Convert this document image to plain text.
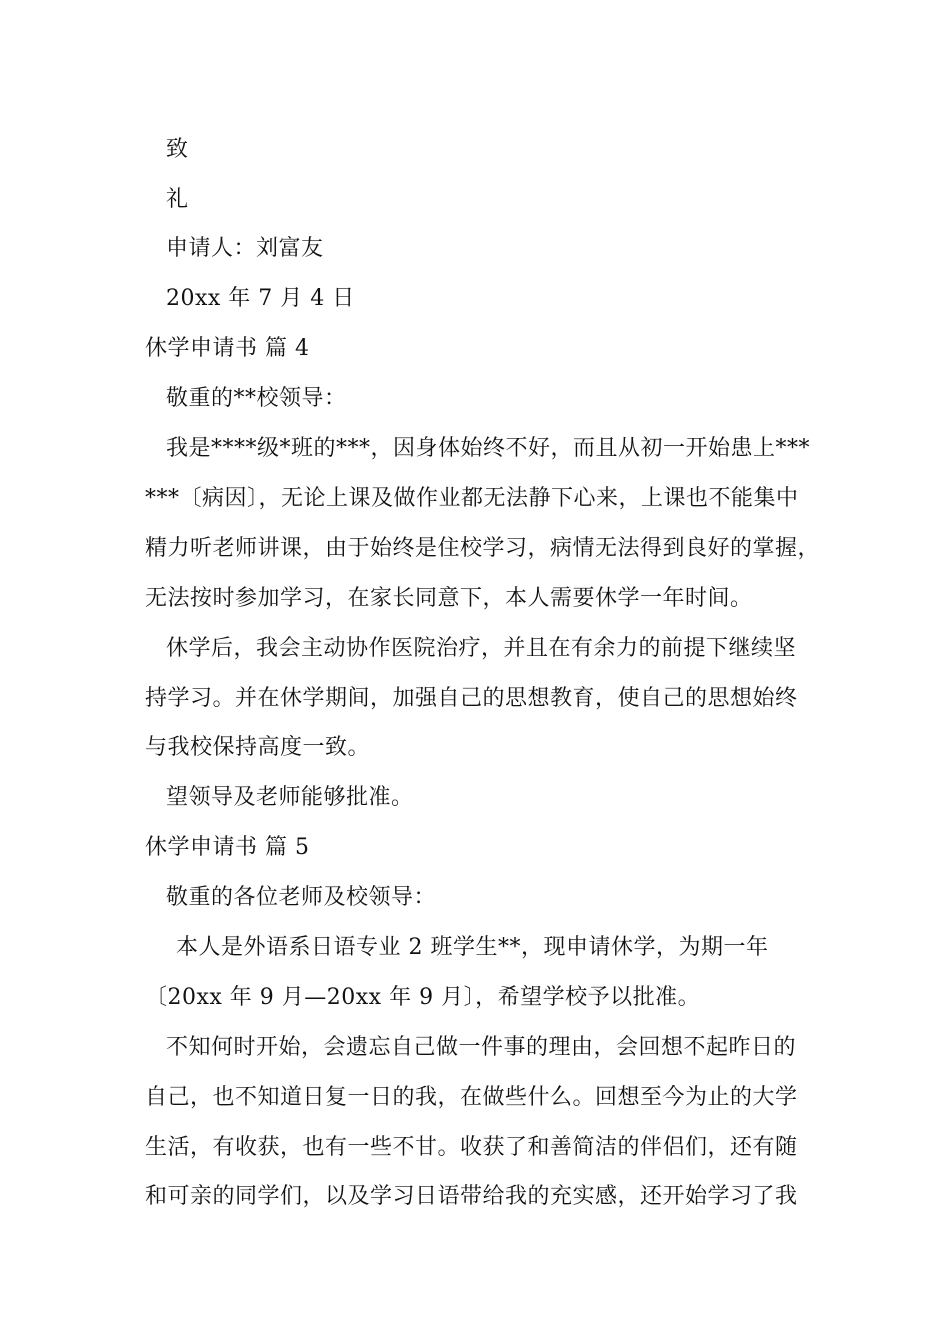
致
礼
申请人：刘富友
20xx 年 7 月 4 日
休学申请书 篇 4
敬重的**校领导：
我是****级*班的***，因身体始终不好，而且从初一开始患上***
***〔病因〕，无论上课及做作业都无法静下心来，上课也不能集中
精力听老师讲课，由于始终是住校学习，病情无法得到良好的掌握，
无法按时参加学习，在家长同意下，本人需要休学一年时间。
休学后，我会主动协作医院治疗，并且在有余力的前提下继续坚
持学习。并在休学期间，加强自己的思想教育，使自己的思想始终
与我校保持高度一致。
望领导及老师能够批准。
休学申请书 篇 5
敬重的各位老师及校领导：
本人是外语系日语专业 2 班学生**，现申请休学，为期一年
〔20xx 年 9 月—20xx 年 9 月〕，希望学校予以批准。
不知何时开始，会遗忘自己做一件事的理由，会回想不起昨日的
自己，也不知道日复一日的我，在做些什么。回想至今为止的大学
生活，有收获，也有一些不甘。收获了和善简洁的伴侣们，还有随
和可亲的同学们，以及学习日语带给我的充实感，还开始学习了我
